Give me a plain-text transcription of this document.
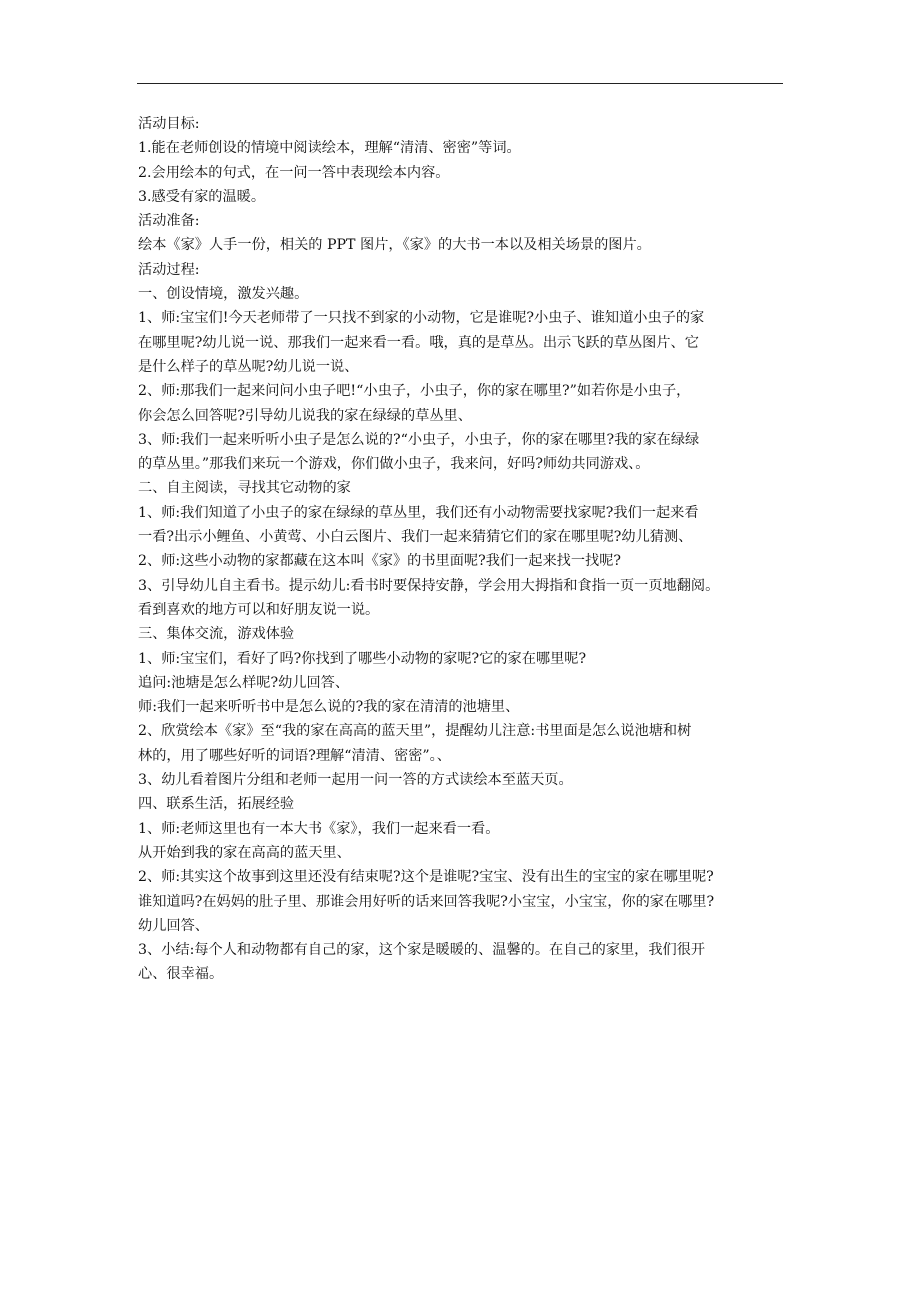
活动目标:
1.能在老师创设的情境中阅读绘本，理解“清清、密密”等词。
2.会用绘本的句式，在一问一答中表现绘本内容。
3.感受有家的温暖。
活动准备:
绘本《家》人手一份，相关的 PPT 图片，《家》的大书一本以及相关场景的图片。
活动过程:
一、创设情境，激发兴趣。
1、师:宝宝们!今天老师带了一只找不到家的小动物，它是谁呢?小虫子、谁知道小虫子的家
在哪里呢?幼儿说一说、那我们一起来看一看。哦，真的是草丛。出示飞跃的草丛图片、它
是什么样子的草丛呢?幼儿说一说、
2、师:那我们一起来问问小虫子吧!“小虫子，小虫子，你的家在哪里?”如若你是小虫子，
你会怎么回答呢?引导幼儿说我的家在绿绿的草丛里、
3、师:我们一起来听听小虫子是怎么说的?“小虫子，小虫子，你的家在哪里?我的家在绿绿
的草丛里。”那我们来玩一个游戏，你们做小虫子，我来问，好吗?师幼共同游戏、。
二、自主阅读，寻找其它动物的家
1、师:我们知道了小虫子的家在绿绿的草丛里，我们还有小动物需要找家呢?我们一起来看
一看?出示小鲤鱼、小黄莺、小白云图片、我们一起来猜猜它们的家在哪里呢?幼儿猜测、
2、师:这些小动物的家都藏在这本叫《家》的书里面呢?我们一起来找一找呢?
3、引导幼儿自主看书。提示幼儿:看书时要保持安静，学会用大拇指和食指一页一页地翻阅。
看到喜欢的地方可以和好朋友说一说。
三、集体交流，游戏体验
1、师:宝宝们，看好了吗?你找到了哪些小动物的家呢?它的家在哪里呢?
追问:池塘是怎么样呢?幼儿回答、
师:我们一起来听听书中是怎么说的?我的家在清清的池塘里、
2、欣赏绘本《家》至“我的家在高高的蓝天里”，提醒幼儿注意:书里面是怎么说池塘和树
林的，用了哪些好听的词语?理解“清清、密密”。、
3、幼儿看着图片分组和老师一起用一问一答的方式读绘本至蓝天页。
四、联系生活，拓展经验
1、师:老师这里也有一本大书《家》，我们一起来看一看。
从开始到我的家在高高的蓝天里、
2、师:其实这个故事到这里还没有结束呢?这个是谁呢?宝宝、没有出生的宝宝的家在哪里呢?
谁知道吗?在妈妈的肚子里、那谁会用好听的话来回答我呢?小宝宝，小宝宝，你的家在哪里?
幼儿回答、
3、小结:每个人和动物都有自己的家，这个家是暖暖的、温馨的。在自己的家里，我们很开
心、很幸福。
